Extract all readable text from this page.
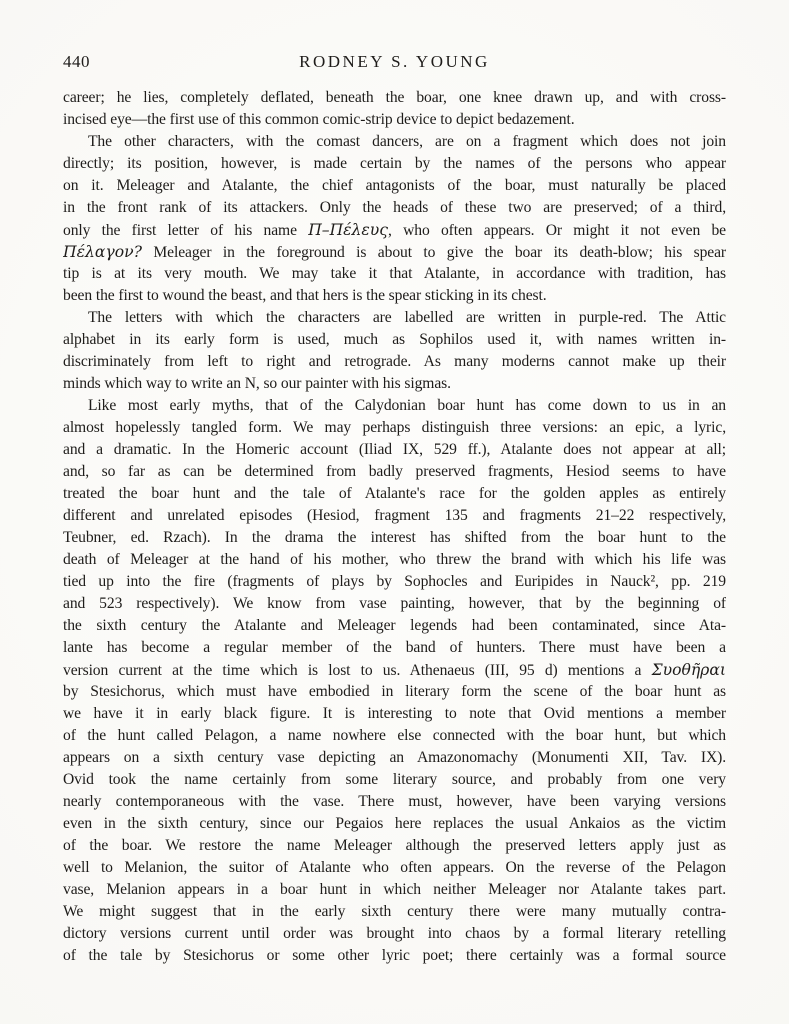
440	RODNEY S. YOUNG
career; he lies, completely deflated, beneath the boar, one knee drawn up, and with cross-
incised eye—the first use of this common comic-strip device to depict bedazement.
The other characters, with the comast dancers, are on a fragment which does not join
directly; its position, however, is made certain by the names of the persons who appear
on it. Meleager and Atalante, the chief antagonists of the boar, must naturally be placed
in the front rank of its attackers. Only the heads of these two are preserved; of a third,
only the first letter of his name Π–Πέλευς, who often appears. Or might it not even be
Πέλαγον? Meleager in the foreground is about to give the boar its death-blow; his spear
tip is at its very mouth. We may take it that Atalante, in accordance with tradition, has
been the first to wound the beast, and that hers is the spear sticking in its chest.
The letters with which the characters are labelled are written in purple-red. The Attic
alphabet in its early form is used, much as Sophilos used it, with names written in-
discriminately from left to right and retrograde. As many moderns cannot make up their
minds which way to write an N, so our painter with his sigmas.
Like most early myths, that of the Calydonian boar hunt has come down to us in an
almost hopelessly tangled form. We may perhaps distinguish three versions: an epic, a lyric,
and a dramatic. In the Homeric account (Iliad IX, 529 ff.), Atalante does not appear at all;
and, so far as can be determined from badly preserved fragments, Hesiod seems to have
treated the boar hunt and the tale of Atalante's race for the golden apples as entirely
different and unrelated episodes (Hesiod, fragment 135 and fragments 21–22 respectively,
Teubner, ed. Rzach). In the drama the interest has shifted from the boar hunt to the
death of Meleager at the hand of his mother, who threw the brand with which his life was
tied up into the fire (fragments of plays by Sophocles and Euripides in Nauck², pp. 219
and 523 respectively). We know from vase painting, however, that by the beginning of
the sixth century the Atalante and Meleager legends had been contaminated, since Ata-
lante has become a regular member of the band of hunters. There must have been a
version current at the time which is lost to us. Athenaeus (III, 95 d) mentions a Συοθῆραι
by Stesichorus, which must have embodied in literary form the scene of the boar hunt as
we have it in early black figure. It is interesting to note that Ovid mentions a member
of the hunt called Pelagon, a name nowhere else connected with the boar hunt, but which
appears on a sixth century vase depicting an Amazonomachy (Monumenti XII, Tav. IX).
Ovid took the name certainly from some literary source, and probably from one very
nearly contemporaneous with the vase. There must, however, have been varying versions
even in the sixth century, since our Pegaios here replaces the usual Ankaios as the victim
of the boar. We restore the name Meleager although the preserved letters apply just as
well to Melanion, the suitor of Atalante who often appears. On the reverse of the Pelagon
vase, Melanion appears in a boar hunt in which neither Meleager nor Atalante takes part.
We might suggest that in the early sixth century there were many mutually contra-
dictory versions current until order was brought into chaos by a formal literary retelling
of the tale by Stesichorus or some other lyric poet; there certainly was a formal source
